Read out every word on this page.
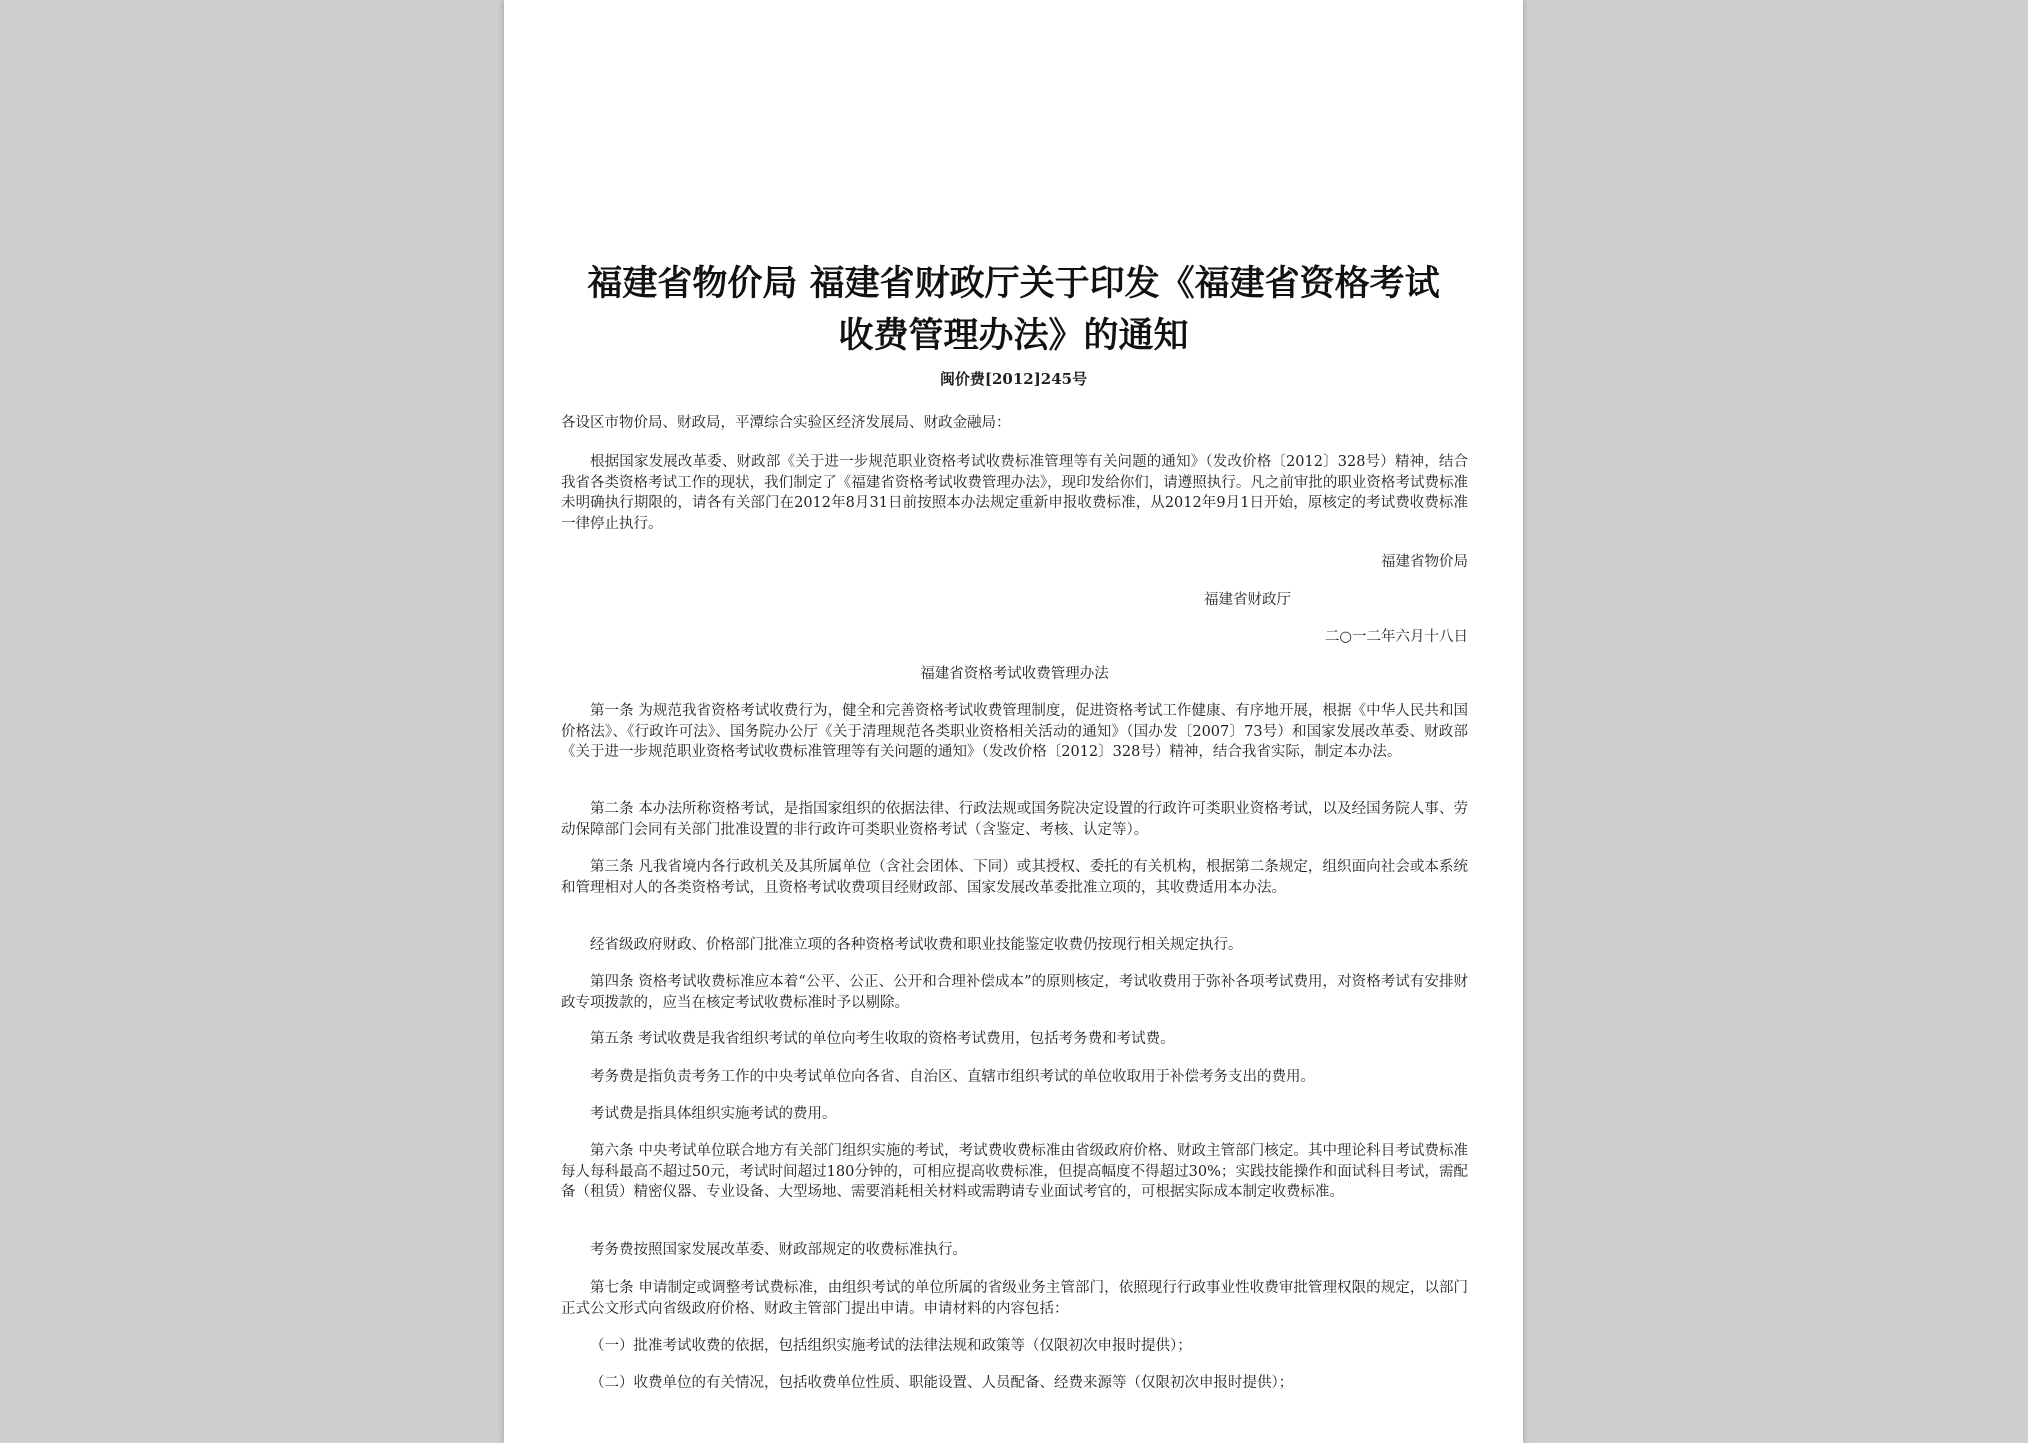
福建省物价局 福建省财政厅关于印发《福建省资格考试
收费管理办法》的通知
闽价费[2012]245号
各设区市物价局、财政局，平潭综合实验区经济发展局、财政金融局：
根据国家发展改革委、财政部《关于进一步规范职业资格考试收费标准管理等有关问题的通知》（发改价格〔2012〕328号）精神，结合我省各类资格考试工作的现状，我们制定了《福建省资格考试收费管理办法》，现印发给你们，请遵照执行。凡之前审批的职业资格考试费标准未明确执行期限的，请各有关部门在2012年8月31日前按照本办法规定重新申报收费标准，从2012年9月1日开始，原核定的考试费收费标准一律停止执行。
福建省物价局
福建省财政厅
二○一二年六月十八日
福建省资格考试收费管理办法
第一条 为规范我省资格考试收费行为，健全和完善资格考试收费管理制度，促进资格考试工作健康、有序地开展，根据《中华人民共和国价格法》、《行政许可法》、国务院办公厅《关于清理规范各类职业资格相关活动的通知》（国办发〔2007〕73号）和国家发展改革委、财政部《关于进一步规范职业资格考试收费标准管理等有关问题的通知》（发改价格〔2012〕328号）精神，结合我省实际，制定本办法。
第二条 本办法所称资格考试，是指国家组织的依据法律、行政法规或国务院决定设置的行政许可类职业资格考试，以及经国务院人事、劳动保障部门会同有关部门批准设置的非行政许可类职业资格考试（含鉴定、考核、认定等）。
第三条 凡我省境内各行政机关及其所属单位（含社会团体、下同）或其授权、委托的有关机构，根据第二条规定，组织面向社会或本系统和管理相对人的各类资格考试，且资格考试收费项目经财政部、国家发展改革委批准立项的，其收费适用本办法。
经省级政府财政、价格部门批准立项的各种资格考试收费和职业技能鉴定收费仍按现行相关规定执行。
第四条 资格考试收费标准应本着“公平、公正、公开和合理补偿成本”的原则核定，考试收费用于弥补各项考试费用，对资格考试有安排财政专项拨款的，应当在核定考试收费标准时予以剔除。
第五条 考试收费是我省组织考试的单位向考生收取的资格考试费用，包括考务费和考试费。
考务费是指负责考务工作的中央考试单位向各省、自治区、直辖市组织考试的单位收取用于补偿考务支出的费用。
考试费是指具体组织实施考试的费用。
第六条 中央考试单位联合地方有关部门组织实施的考试，考试费收费标准由省级政府价格、财政主管部门核定。其中理论科目考试费标准每人每科最高不超过50元，考试时间超过180分钟的，可相应提高收费标准，但提高幅度不得超过30%；实践技能操作和面试科目考试，需配备（租赁）精密仪器、专业设备、大型场地、需要消耗相关材料或需聘请专业面试考官的，可根据实际成本制定收费标准。
考务费按照国家发展改革委、财政部规定的收费标准执行。
第七条 申请制定或调整考试费标准，由组织考试的单位所属的省级业务主管部门，依照现行行政事业性收费审批管理权限的规定，以部门正式公文形式向省级政府价格、财政主管部门提出申请。申请材料的内容包括：
（一）批准考试收费的依据，包括组织实施考试的法律法规和政策等（仅限初次申报时提供）；
（二）收费单位的有关情况，包括收费单位性质、职能设置、人员配备、经费来源等（仅限初次申报时提供）；
